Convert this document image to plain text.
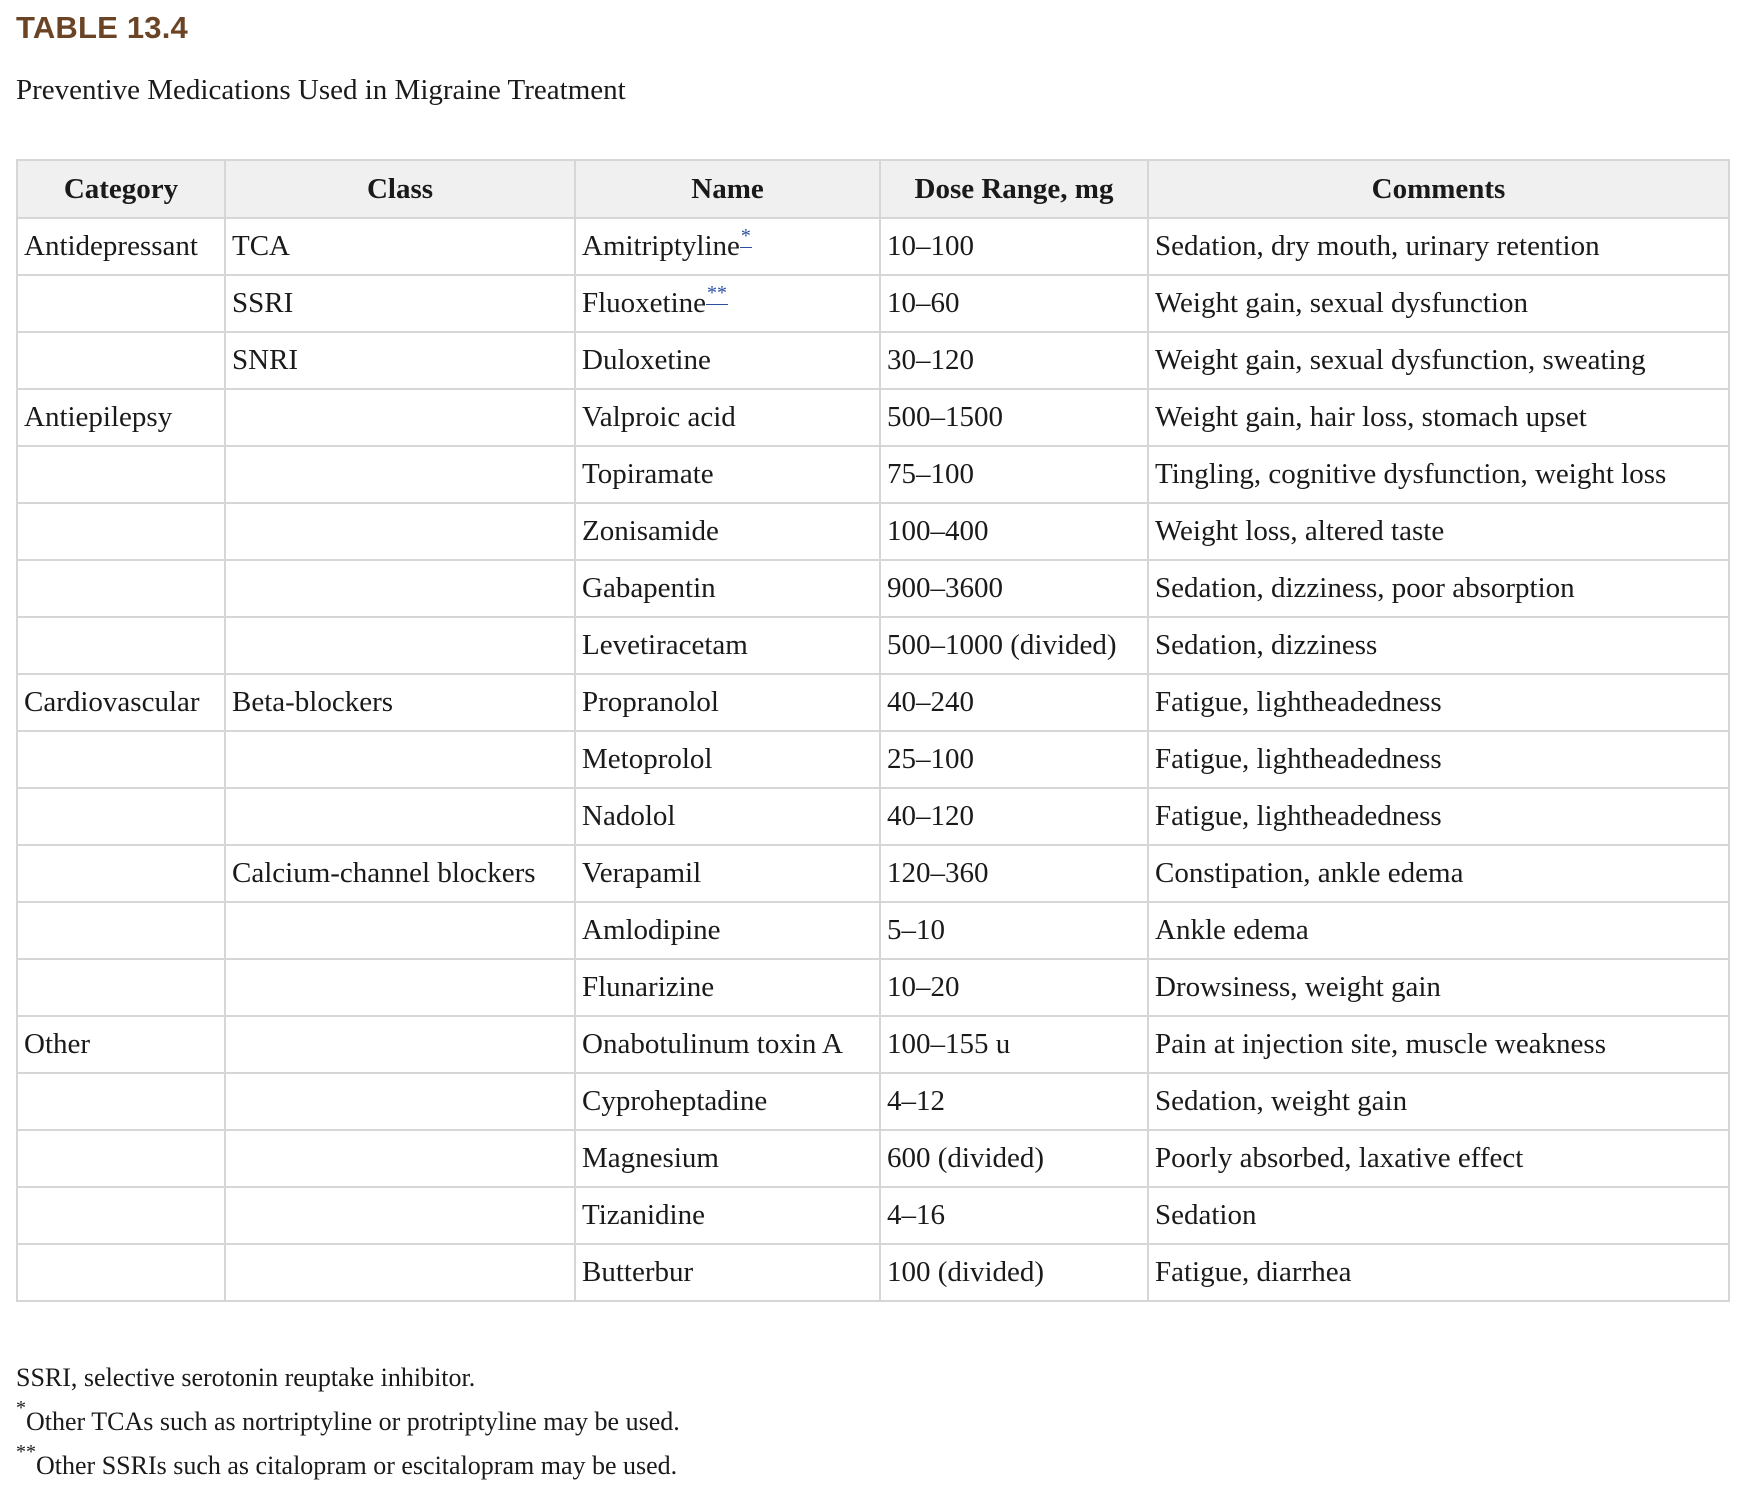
TABLE 13.4

Preventive Medications Used in Migraine Treatment

Category	Class	Name	Dose Range, mg	Comments
Antidepressant	TCA	Amitriptyline*	10–100	Sedation, dry mouth, urinary retention
	SSRI	Fluoxetine**	10–60	Weight gain, sexual dysfunction
	SNRI	Duloxetine	30–120	Weight gain, sexual dysfunction, sweating
Antiepilepsy		Valproic acid	500–1500	Weight gain, hair loss, stomach upset
		Topiramate	75–100	Tingling, cognitive dysfunction, weight loss
		Zonisamide	100–400	Weight loss, altered taste
		Gabapentin	900–3600	Sedation, dizziness, poor absorption
		Levetiracetam	500–1000 (divided)	Sedation, dizziness
Cardiovascular	Beta-blockers	Propranolol	40–240	Fatigue, lightheadedness
		Metoprolol	25–100	Fatigue, lightheadedness
		Nadolol	40–120	Fatigue, lightheadedness
	Calcium-channel blockers	Verapamil	120–360	Constipation, ankle edema
		Amlodipine	5–10	Ankle edema
		Flunarizine	10–20	Drowsiness, weight gain
Other		Onabotulinum toxin A	100–155 u	Pain at injection site, muscle weakness
		Cyproheptadine	4–12	Sedation, weight gain
		Magnesium	600 (divided)	Poorly absorbed, laxative effect
		Tizanidine	4–16	Sedation
		Butterbur	100 (divided)	Fatigue, diarrhea

SSRI, selective serotonin reuptake inhibitor.

*Other TCAs such as nortriptyline or protriptyline may be used.

**Other SSRIs such as citalopram or escitalopram may be used.
